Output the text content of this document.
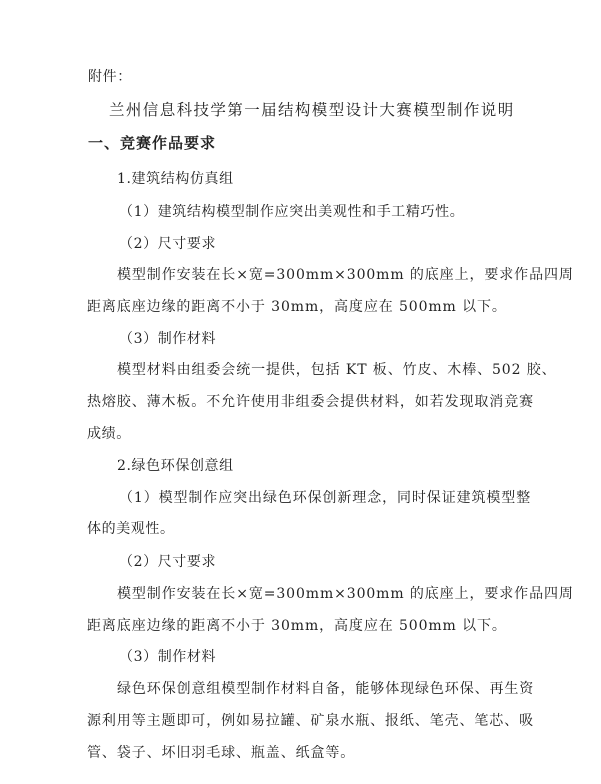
附件：
兰州信息科技学第一届结构模型设计大赛模型制作说明
一、竞赛作品要求
1.建筑结构仿真组
（1）建筑结构模型制作应突出美观性和手工精巧性。
（2）尺寸要求
模型制作安装在长×宽=300mm×300mm 的底座上，要求作品四周
距离底座边缘的距离不小于 30mm，高度应在 500mm 以下。
（3）制作材料
模型材料由组委会统一提供，包括 KT 板、竹皮、木棒、502 胶、
热熔胶、薄木板。不允许使用非组委会提供材料，如若发现取消竞赛
成绩。
2.绿色环保创意组
（1）模型制作应突出绿色环保创新理念，同时保证建筑模型整
体的美观性。
（2）尺寸要求
模型制作安装在长×宽=300mm×300mm 的底座上，要求作品四周
距离底座边缘的距离不小于 30mm，高度应在 500mm 以下。
（3）制作材料
绿色环保创意组模型制作材料自备，能够体现绿色环保、再生资
源利用等主题即可，例如易拉罐、矿泉水瓶、报纸、笔壳、笔芯、吸
管、袋子、坏旧羽毛球、瓶盖、纸盒等。
